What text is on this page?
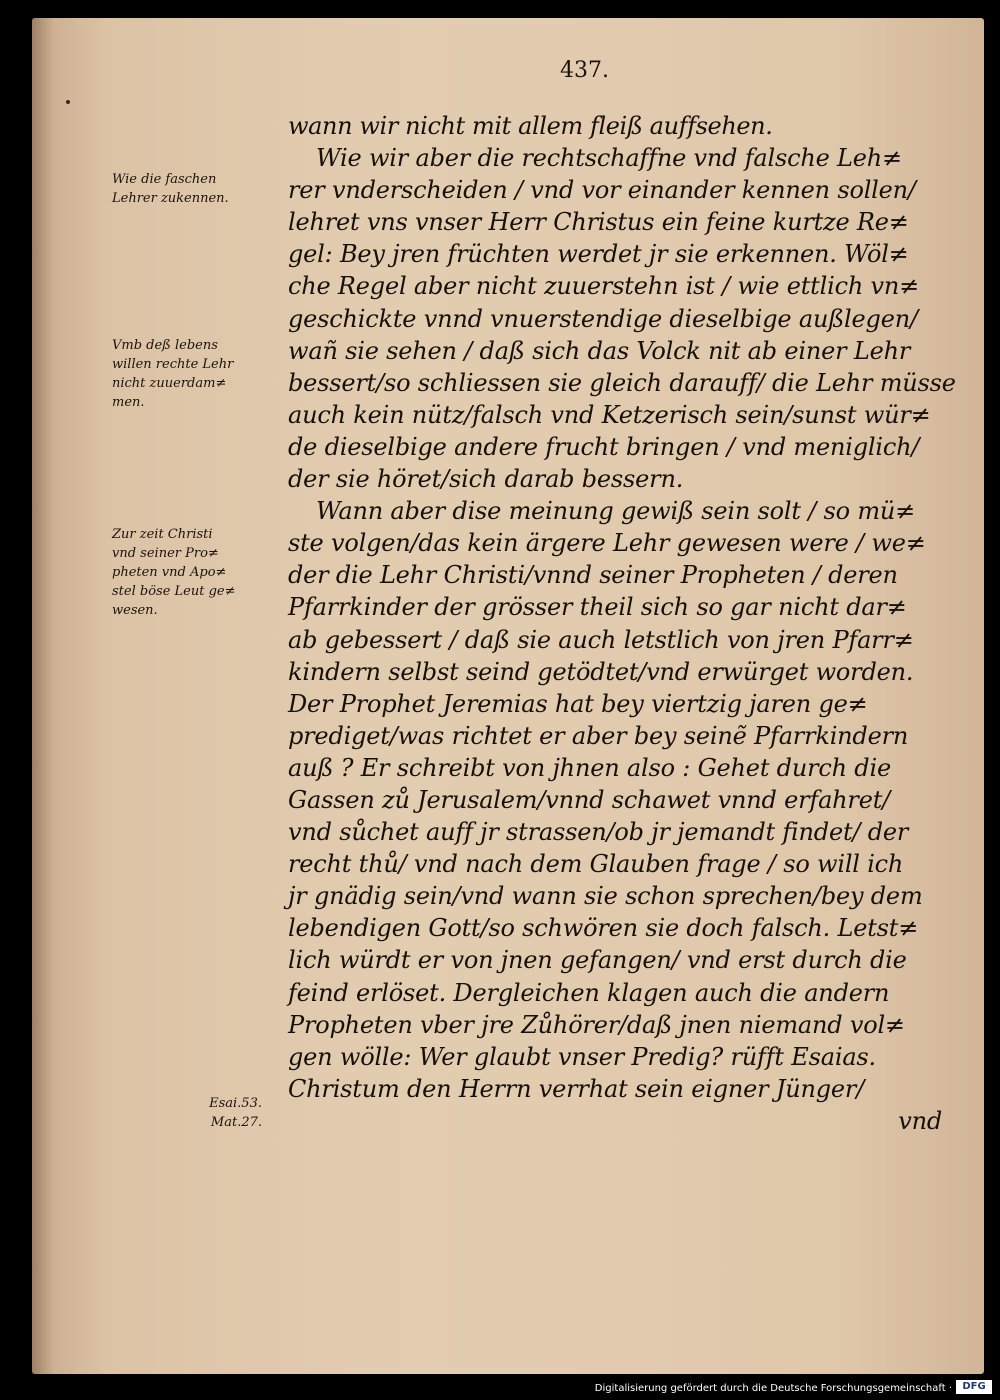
437.
wann wir nicht mit allem fleiß auffsehen.
Wie wir aber die rechtschaffne vnd falsche Leh≠
rer vnderscheiden / vnd vor einander kennen sollen/
lehret vns vnser Herr Christus ein feine kurtze Re≠
gel: Bey jren früchten werdet jr sie erkennen. Wöl≠
che Regel aber nicht zuuerstehn ist / wie ettlich vn≠
geschickte vnnd vnuerstendige dieselbige außlegen/
wañ sie sehen / daß sich das Volck nit ab einer Lehr
bessert/so schliessen sie gleich darauff/ die Lehr müsse
auch kein nütz/falsch vnd Ketzerisch sein/sunst wür≠
de dieselbige andere frucht bringen / vnd meniglich/
der sie höret/sich darab bessern.
Wann aber dise meinung gewiß sein solt / so mü≠
ste volgen/das kein ärgere Lehr gewesen were / we≠
der die Lehr Christi/vnnd seiner Propheten / deren
Pfarrkinder der grösser theil sich so gar nicht dar≠
ab gebessert / daß sie auch letstlich von jren Pfarr≠
kindern selbst seind getödtet/vnd erwürget worden.
Der Prophet Jeremias hat bey viertzig jaren ge≠
prediget/was richtet er aber bey seinẽ Pfarrkindern
auß ? Er schreibt von jhnen also : Gehet durch die
Gassen zů Jerusalem/vnnd schawet vnnd erfahret/
vnd sůchet auff jr strassen/ob jr jemandt findet/ der
recht thů/ vnd nach dem Glauben frage / so will ich
jr gnädig sein/vnd wann sie schon sprechen/bey dem
lebendigen Gott/so schwören sie doch falsch. Letst≠
lich würdt er von jnen gefangen/ vnd erst durch die
feind erlöset. Dergleichen klagen auch die andern
Propheten vber jre Zůhörer/daß jnen niemand vol≠
gen wölle: Wer glaubt vnser Predig? rüfft Esaias.
Christum den Herrn verrhat sein eigner Jünger/
vnd
Wie die faschen
Lehrer zukennen.
Vmb deß lebens
willen rechte Lehr
nicht zuuerdam≠
men.
Zur zeit Christi
vnd seiner Pro≠
pheten vnd Apo≠
stel böse Leut ge≠
wesen.
Esai.53.
Mat.27.
Digitalisierung gefördert durch die Deutsche Forschungsgemeinschaft ·	DFG
